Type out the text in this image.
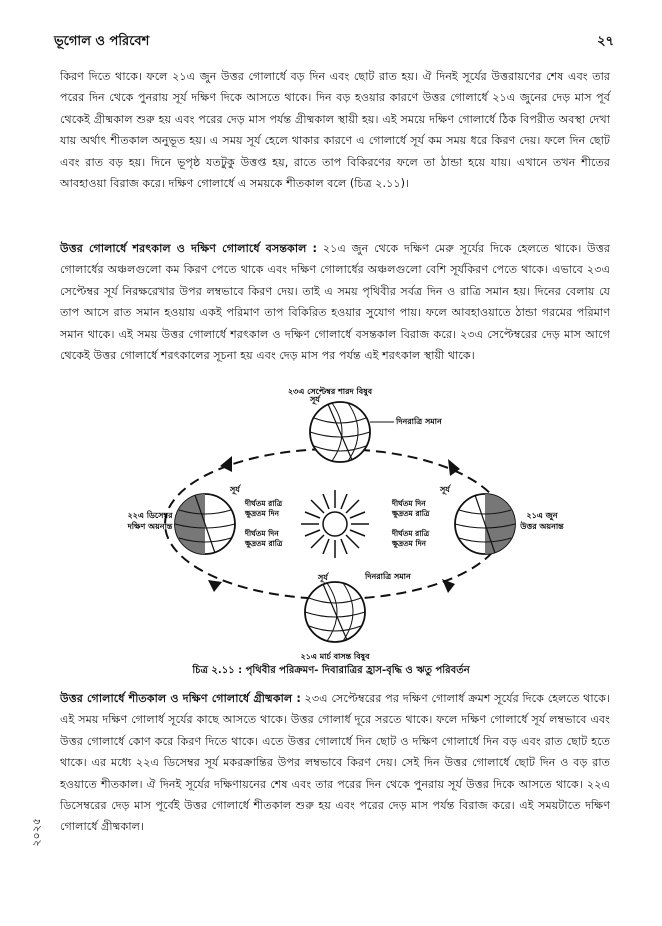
ভূগোল ও পরিবেশ	২৭

কিরণ দিতে থাকে। ফলে ২১এ জুন উত্তর গোলার্ধে বড় দিন এবং ছোট রাত হয়। ঐ দিনই সূর্যের উত্তরায়ণের শেষ এবং তার পরের দিন থেকে পুনরায় সূর্য দক্ষিণ দিকে আসতে থাকে। দিন বড় হওয়ার কারণে উত্তর গোলার্ধে ২১এ জুনের দেড় মাস পূর্ব থেকেই গ্রীষ্মকাল শুরু হয় এবং পরের দেড় মাস পর্যন্ত গ্রীষ্মকাল স্থায়ী হয়। এই সময়ে দক্ষিণ গোলার্ধে ঠিক বিপরীত অবস্থা দেখা যায় অর্থাৎ শীতকাল অনুভূত হয়। এ সময় সূর্য হেলে থাকার কারণে এ গোলার্ধে সূর্য কম সময় ধরে কিরণ দেয়। ফলে দিন ছোট এবং রাত বড় হয়। দিনে ভূপৃষ্ঠ যতটুকু উত্তপ্ত হয়, রাতে তাপ বিকিরণের ফলে তা ঠান্ডা হয়ে যায়। এখানে তখন শীতের আবহাওয়া বিরাজ করে। দক্ষিণ গোলার্ধে এ সময়কে শীতকাল বলে (চিত্র ২.১১)।

উত্তর গোলার্ধে শরৎকাল ও দক্ষিণ গোলার্ধে বসন্তকাল : ২১এ জুন থেকে দক্ষিণ মেরু সূর্যের দিকে হেলতে থাকে। উত্তর গোলার্ধের অঞ্চলগুলো কম কিরণ পেতে থাকে এবং দক্ষিণ গোলার্ধের অঞ্চলগুলো বেশি সূর্যকিরণ পেতে থাকে। এভাবে ২৩এ সেপ্টেম্বর সূর্য নিরক্ষরেখার উপর লম্বভাবে কিরণ দেয়। তাই এ সময় পৃথিবীর সর্বত্র দিন ও রাত্রি সমান হয়। দিনের বেলায় যে তাপ আসে রাত সমান হওয়ায় একই পরিমাণ তাপ বিকিরিত হওয়ার সুযোগ পায়। ফলে আবহাওয়াতে ঠান্ডা গরমের পরিমাণ সমান থাকে। এই সময় উত্তর গোলার্ধে শরৎকাল ও দক্ষিণ গোলার্ধে বসন্তকাল বিরাজ করে। ২৩এ সেপ্টেম্বরের দেড় মাস আগে থেকেই উত্তর গোলার্ধে শরৎকালের সূচনা হয় এবং দেড় মাস পর পর্যন্ত এই শরৎকাল স্থায়ী থাকে।

২৩এ সেপ্টেম্বর শারদ বিষুব
দিনরাত্রি সমান
দিনরাত্রি সমান
২১এ মার্চ বাসন্ত বিষুব
২২এ ডিসেম্বর
দক্ষিণ অয়নান্ত
২১এ জুন
উত্তর অয়নান্ত
দীর্ঘতম রাত্রি
ক্ষুদ্রতম দিন
দীর্ঘতম দিন
ক্ষুদ্রতম রাত্রি
দীর্ঘতম দিন
ক্ষুদ্রতম রাত্রি
দীর্ঘতম রাত্রি
ক্ষুদ্রতম দিন
সূর্য
সূর্য	সূর্য
সূর্য
চিত্র ২.১১ : পৃথিবীর পরিক্রমণ- দিবারাত্রির হ্রাস-বৃদ্ধি ও ঋতু পরিবর্তন

উত্তর গোলার্ধে শীতকাল ও দক্ষিণ গোলার্ধে গ্রীষ্মকাল : ২৩এ সেপ্টেম্বরের পর দক্ষিণ গোলার্ধ ক্রমশ সূর্যের দিকে হেলতে থাকে। এই সময় দক্ষিণ গোলার্ধ সূর্যের কাছে আসতে থাকে। উত্তর গোলার্ধ দূরে সরতে থাকে। ফলে দক্ষিণ গোলার্ধে সূর্য লম্বভাবে এবং উত্তর গোলার্ধে কোণ করে কিরণ দিতে থাকে। এতে উত্তর গোলার্ধে দিন ছোট ও দক্ষিণ গোলার্ধে দিন বড় এবং রাত ছোট হতে থাকে। এর মধ্যে ২২এ ডিসেম্বর সূর্য মকরক্রান্তির উপর লম্বভাবে কিরণ দেয়। সেই দিন উত্তর গোলার্ধে ছোট দিন ও বড় রাত হওয়াতে শীতকাল। ঐ দিনই সূর্যের দক্ষিণায়নের শেষ এবং তার পরের দিন থেকে পুনরায় সূর্য উত্তর দিকে আসতে থাকে। ২২এ ডিসেম্বরের দেড় মাস পূর্বেই উত্তর গোলার্ধে শীতকাল শুরু হয় এবং পরের দেড় মাস পর্যন্ত বিরাজ করে। এই সময়টাতে দক্ষিণ গোলার্ধে গ্রীষ্মকাল।

২০২৫
